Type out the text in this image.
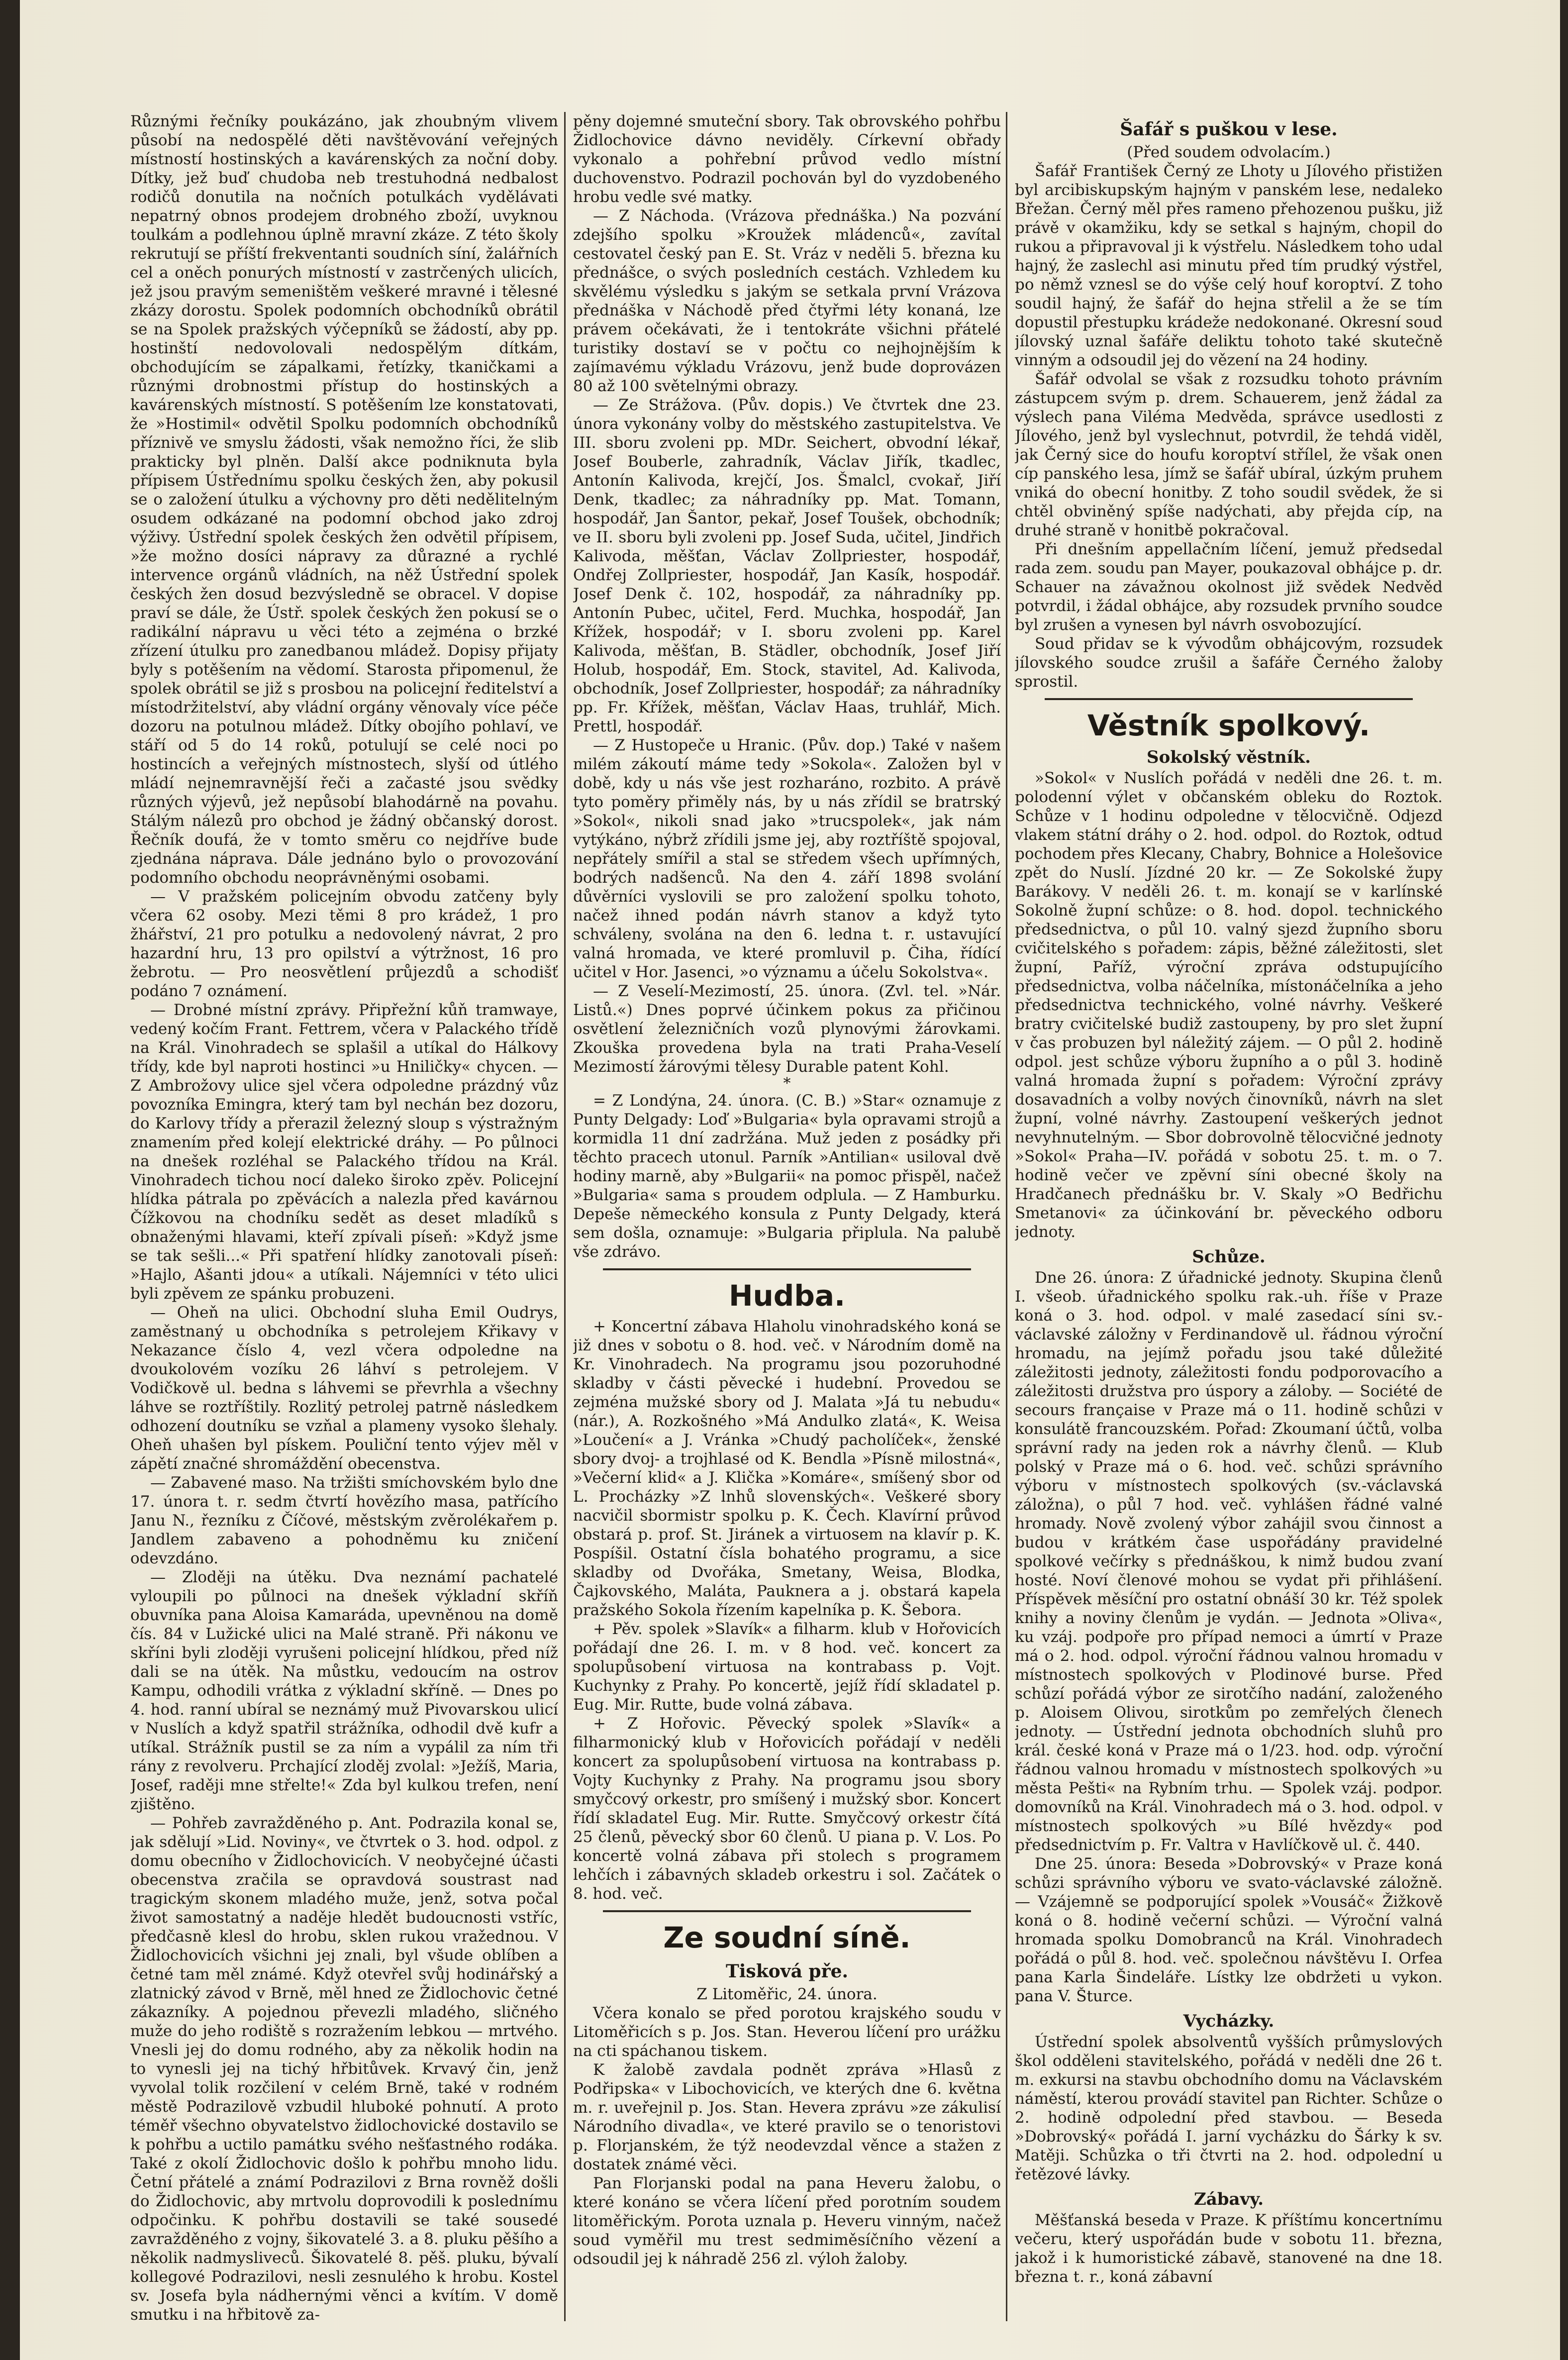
Různými řečníky poukázáno, jak zhoubným vlivem působí na nedospělé děti navštěvování veřejných místností hostinských a kavárenských za noční doby. Dítky, jež buď chudoba neb trestuhodná nedbalost rodičů donutila na nočních potulkách vydělávati nepatrný obnos prodejem drobného zboží, uvyknou toulkám a podlehnou úplně mravní zkáze. Z této školy rekrutují se příští frekventanti soudních síní, žalářních cel a oněch ponurých místností v zastrčených ulicích, jež jsou pravým semeništěm veškeré mravné i tělesné zkázy dorostu. Spolek podomních obchodníků obrátil se na Spolek pražských výčepníků se žádostí, aby pp. hostinští nedovolovali nedospělým dítkám, obchodujícím se zápalkami, řetízky, tkaničkami a různými drobnostmi přístup do hostinských a kavárenských místností. S potěšením lze konstatovati, že »Hostimil« odvětil Spolku podomních obchodníků příznivě ve smyslu žádosti, však nemožno říci, že slib prakticky byl plněn. Další akce podniknuta byla přípisem Ústřednímu spolku českých žen, aby pokusil se o založení útulku a výchovny pro děti nedělitelným osudem odkázané na podomní obchod jako zdroj výživy. Ústřední spolek českých žen odvětil přípisem, »že možno dosíci nápravy za důrazné a rychlé intervence orgánů vládních, na něž Ústřední spolek českých žen dosud bezvýsledně se obracel. V dopise praví se dále, že Ústř. spolek českých žen pokusí se o radikální nápravu u věci této a zejména o brzké zřízení útulku pro zanedbanou mládež. Dopisy přijaty byly s potěšením na vědomí. Starosta připomenul, že spolek obrátil se již s prosbou na policejní ředitelství a místodržitelství, aby vládní orgány věnovaly více péče dozoru na potulnou mládež. Dítky obojího pohlaví, ve stáří od 5 do 14 roků, potulují se celé noci po hostincích a veřejných místnostech, slyší od útlého mládí nejnemravnější řeči a začasté jsou svědky různých výjevů, jež nepůsobí blahodárně na povahu. Stálým nálezů pro obchod je žádný občanský dorost. Řečník doufá, že v tomto směru co nejdříve bude zjednána náprava. Dále jednáno bylo o provozování podomního obchodu neoprávněnými osobami.

— V pražském policejním obvodu zatčeny byly včera 62 osoby. Mezi těmi 8 pro krádež, 1 pro žhářství, 21 pro potulku a nedovolený návrat, 2 pro hazardní hru, 13 pro opilství a výtržnost, 16 pro žebrotu. — Pro neosvětlení průjezdů a schodišť podáno 7 oznámení.

— Drobné místní zprávy. Připřežní kůň tramwaye, vedený kočím Frant. Fettrem, včera v Palackého třídě na Král. Vinohradech se splašil a utíkal do Hálkovy třídy, kde byl naproti hostinci »u Hniličky« chycen. — Z Ambrožovy ulice sjel včera odpoledne prázdný vůz povozníka Emingra, který tam byl nechán bez dozoru, do Karlovy třídy a přerazil železný sloup s výstražným znamením před kolejí elektrické dráhy. — Po půlnoci na dnešek rozléhal se Palackého třídou na Král. Vinohradech tichou nocí daleko široko zpěv. Policejní hlídka pátrala po zpěvácích a nalezla před kavárnou Čížkovou na chodníku sedět as deset mladíků s obnaženými hlavami, kteří zpívali píseň: »Když jsme se tak sešli...« Při spatření hlídky zanotovali píseň: »Hajlo, Ašanti jdou« a utíkali. Nájemníci v této ulici byli zpěvem ze spánku probuzeni.

— Oheň na ulici. Obchodní sluha Emil Oudrys, zaměstnaný u obchodníka s petrolejem Křikavy v Nekazance číslo 4, vezl včera odpoledne na dvoukolovém vozíku 26 láhví s petrolejem. V Vodičkově ul. bedna s láhvemi se převrhla a všechny láhve se roztříštily. Rozlitý petrolej patrně následkem odhození doutníku se vzňal a plameny vysoko šlehaly. Oheň uhašen byl pískem. Pouliční tento výjev měl v zápětí značné shromáždění obecenstva.

— Zabavené maso. Na tržišti smíchovském bylo dne 17. února t. r. sedm čtvrtí hovězího masa, patřícího Janu N., řezníku z Číčové, městským zvěrolékařem p. Jandlem zabaveno a pohodněmu ku zničení odevzdáno.

— Zloději na útěku. Dva neznámí pachatelé vyloupili po půlnoci na dnešek výkladní skříň obuvníka pana Aloisa Kamaráda, upevněnou na domě čís. 84 v Lužické ulici na Malé straně. Při nákonu ve skříni byli zloději vyrušeni policejní hlídkou, před níž dali se na útěk. Na můstku, vedoucím na ostrov Kampu, odhodili vrátka z výkladní skříně. — Dnes po 4. hod. ranní ubíral se neznámý muž Pivovarskou ulicí v Nuslích a když spatřil strážníka, odhodil dvě kufr a utíkal. Strážník pustil se za ním a vypálil za ním tři rány z revolveru. Prchající zloděj zvolal: »Ježíš, Maria, Josef, raději mne střelte!« Zda byl kulkou trefen, není zjištěno.

— Pohřeb zavražděného p. Ant. Podrazila konal se, jak sdělují »Lid. Noviny«, ve čtvrtek o 3. hod. odpol. z domu obecního v Židlochovicích. V neobyčejné účasti obecenstva zračila se opravdová soustrast nad tragickým skonem mladého muže, jenž, sotva počal život samostatný a naděje hledět budoucnosti vstříc, předčasně klesl do hrobu, sklen rukou vražednou. V Židlochovicích všichni jej znali, byl všude oblíben a četné tam měl známé. Když otevřel svůj hodinářský a zlatnický závod v Brně, měl hned ze Židlochovic četné zákazníky. A pojednou převezli mladého, sličného muže do jeho rodiště s rozražením lebkou — mrtvého. Vnesli jej do domu rodného, aby za několik hodin na to vynesli jej na tichý hřbitůvek. Krvavý čin, jenž vyvolal tolik rozčilení v celém Brně, také v rodném městě Podrazilově vzbudil hluboké pohnutí. A proto téměř všechno obyvatelstvo židlochovické dostavilo se k pohřbu a uctilo památku svého nešťastného rodáka. Také z okolí Židlochovic došlo k pohřbu mnoho lidu. Četní přátelé a známí Podrazilovi z Brna rovněž došli do Židlochovic, aby mrtvolu doprovodili k poslednímu odpočinku. K pohřbu dostavili se také sousedé zavražděného z vojny, šikovatelé 3. a 8. pluku pěšího a několik nadmysliveců. Šikovatelé 8. pěš. pluku, bývalí kollegové Podrazilovi, nesli zesnulého k hrobu. Kostel sv. Josefa byla nádhernými věnci a kvítím. V domě smutku i na hřbitově za-

pěny dojemné smuteční sbory. Tak obrovského pohřbu Židlochovice dávno neviděly. Církevní obřady vykonalo a pohřební průvod vedlo místní duchovenstvo. Podrazil pochován byl do vyzdobeného hrobu vedle své matky.

— Z Náchoda. (Vrázova přednáška.) Na pozvání zdejšího spolku »Kroužek mládenců«, zavítal cestovatel český pan E. St. Vráz v neděli 5. března ku přednášce, o svých posledních cestách. Vzhledem ku skvělému výsledku s jakým se setkala první Vrázova přednáška v Náchodě před čtyřmi léty konaná, lze právem očekávati, že i tentokráte všichni přátelé turistiky dostaví se v počtu co nejhojnějším k zajímavému výkladu Vrázovu, jenž bude doprovázen 80 až 100 světelnými obrazy.

— Ze Strážova. (Pův. dopis.) Ve čtvrtek dne 23. února vykonány volby do městského zastupitelstva. Ve III. sboru zvoleni pp. MDr. Seichert, obvodní lékař, Josef Bouberle, zahradník, Václav Jiřík, tkadlec, Antonín Kalivoda, krejčí, Jos. Šmalcl, cvokař, Jiří Denk, tkadlec; za náhradníky pp. Mat. Tomann, hospodář, Jan Šantor, pekař, Josef Toušek, obchodník; ve II. sboru byli zvoleni pp. Josef Suda, učitel, Jindřich Kalivoda, měšťan, Václav Zollpriester, hospodář, Ondřej Zollpriester, hospodář, Jan Kasík, hospodář. Josef Denk č. 102, hospodář, za náhradníky pp. Antonín Pubec, učitel, Ferd. Muchka, hospodář, Jan Křížek, hospodář; v I. sboru zvoleni pp. Karel Kalivoda, měšťan, B. Städler, obchodník, Josef Jiří Holub, hospodář, Em. Stock, stavitel, Ad. Kalivoda, obchodník, Josef Zollpriester, hospodář; za náhradníky pp. Fr. Křížek, měšťan, Václav Haas, truhlář, Mich. Prettl, hospodář.

— Z Hustopeče u Hranic. (Pův. dop.) Také v našem milém zákoutí máme tedy »Sokola«. Založen byl v době, kdy u nás vše jest rozharáno, rozbito. A právě tyto poměry přiměly nás, by u nás zřídil se bratrský »Sokol«, nikoli snad jako »trucspolek«, jak nám vytýkáno, nýbrž zřídili jsme jej, aby roztříště spojoval, nepřátely smířil a stal se středem všech upřímných, bodrých nadšenců. Na den 4. září 1898 svolání důvěrníci vyslovili se pro založení spolku tohoto, načež ihned podán návrh stanov a když tyto schváleny, svolána na den 6. ledna t. r. ustavující valná hromada, ve které promluvil p. Čiha, řídící učitel v Hor. Jasenci, »o významu a účelu Sokolstva«.

— Z Veselí-Mezimostí, 25. února. (Zvl. tel. »Nár. Listů.«) Dnes poprvé účinkem pokus za přičinou osvětlení železničních vozů plynovými žárovkami. Zkouška provedena byla na trati Praha-Veselí Mezimostí žárovými tělesy Durable patent Kohl.

*

= Z Londýna, 24. února. (C. B.) »Star« oznamuje z Punty Delgady: Loď »Bulgaria« byla opravami strojů a kormidla 11 dní zadržána. Muž jeden z posádky při těchto pracech utonul. Parník »Antilian« usiloval dvě hodiny marně, aby »Bulgarii« na pomoc přispěl, načež »Bulgaria« sama s proudem odplula. — Z Hamburku. Depeše německého konsula z Punty Delgady, která sem došla, oznamuje: »Bulgaria připlula. Na palubě vše zdrávo.

Hudba.

+ Koncertní zábava Hlaholu vinohradského koná se již dnes v sobotu o 8. hod. več. v Národním domě na Kr. Vinohradech. Na programu jsou pozoruhodné skladby v části pěvecké i hudební. Provedou se zejména mužské sbory od J. Malata »Já tu nebudu« (nár.), A. Rozkošného »Má Andulko zlatá«, K. Weisa »Loučení« a J. Vránka »Chudý pacholíček«, ženské sbory dvoj- a trojhlasé od K. Bendla »Písně milostná«, »Večerní klid« a J. Klička »Komáre«, smíšený sbor od L. Procházky »Z lnhů slovenských«. Veškeré sbory nacvičil sbormistr spolku p. K. Čech. Klavírní průvod obstará p. prof. St. Jiránek a virtuosem na klavír p. K. Pospíšil. Ostatní čísla bohatého programu, a sice skladby od Dvořáka, Smetany, Weisa, Blodka, Čajkovského, Maláta, Pauknera a j. obstará kapela pražského Sokola řízením kapelníka p. K. Šebora.

+ Pěv. spolek »Slavík« a filharm. klub v Hořovicích pořádají dne 26. I. m. v 8 hod. več. koncert za spolupůsobení virtuosa na kontrabass p. Vojt. Kuchynky z Prahy. Po koncertě, jejíž řídí skladatel p. Eug. Mir. Rutte, bude volná zábava.

+ Z Hořovic. Pěvecký spolek »Slavík« a filharmonický klub v Hořovicích pořádají v neděli koncert za spolupůsobení virtuosa na kontrabass p. Vojty Kuchynky z Prahy. Na programu jsou sbory smyčcový orkestr, pro smíšený i mužský sbor. Koncert řídí skladatel Eug. Mir. Rutte. Smyčcový orkestr čítá 25 členů, pěvecký sbor 60 členů. U piana p. V. Los. Po koncertě volná zábava při stolech s programem lehčích i zábavných skladeb orkestru i sol. Začátek o 8. hod. več.

Ze soudní síně.
Tisková pře.

Z Litoměřic, 24. února.

Včera konalo se před porotou krajského soudu v Litoměřicích s p. Jos. Stan. Heverou líčení pro urážku na cti spáchanou tiskem.

K žalobě zavdala podnět zpráva »Hlasů z Podřipska« v Libochovicích, ve kterých dne 6. května m. r. uveřejnil p. Jos. Stan. Hevera zprávu »ze zákulisí Národního divadla«, ve které pravilo se o tenoristovi p. Florjanském, že týž neodevzdal věnce a stažen z dostatek známé věci.

Pan Florjanski podal na pana Heveru žalobu, o které konáno se včera líčení před porotním soudem litoměřickým. Porota uznala p. Heveru vinným, načež soud vyměřil mu trest sedmiměsíčního vězení a odsoudil jej k náhradě 256 zl. výloh žaloby.

Šafář s puškou v lese.

(Před soudem odvolacím.)

Šafář František Černý ze Lhoty u Jílového přistižen byl arcibiskupským hajným v panském lese, nedaleko Břežan. Černý měl přes rameno přehozenou pušku, již právě v okamžiku, kdy se setkal s hajným, chopil do rukou a připravoval ji k výstřelu. Následkem toho udal hajný, že zaslechl asi minutu před tím prudký výstřel, po němž vznesl se do výše celý houf koroptví. Z toho soudil hajný, že šafář do hejna střelil a že se tím dopustil přestupku krádeže nedokonané. Okresní soud jílovský uznal šafáře deliktu tohoto také skutečně vinným a odsoudil jej do vězení na 24 hodiny.

Šafář odvolal se však z rozsudku tohoto právním zástupcem svým p. drem. Schauerem, jenž žádal za výslech pana Viléma Medvěda, správce usedlosti z Jílového, jenž byl vyslechnut, potvrdil, že tehdá viděl, jak Černý sice do houfu koroptví střílel, že však onen cíp panského lesa, jímž se šafář ubíral, úzkým pruhem vniká do obecní honitby. Z toho soudil svědek, že si chtěl obviněný spíše nadýchati, aby přejda cíp, na druhé straně v honitbě pokračoval.

Při dnešním appellačním líčení, jemuž předsedal rada zem. soudu pan Mayer, poukazoval obhájce p. dr. Schauer na závažnou okolnost již svědek Nedvěd potvrdil, i žádal obhájce, aby rozsudek prvního soudce byl zrušen a vynesen byl návrh osvobozující.

Soud přidav se k vývodům obhájcovým, rozsudek jílovského soudce zrušil a šafáře Černého žaloby sprostil.

Věstník spolkový.
Sokolský věstník.

»Sokol« v Nuslích pořádá v neděli dne 26. t. m. polodenní výlet v občanském obleku do Roztok. Schůze v 1 hodinu odpoledne v tělocvičně. Odjezd vlakem státní dráhy o 2. hod. odpol. do Roztok, odtud pochodem přes Klecany, Chabry, Bohnice a Holešovice zpět do Nuslí. Jízdné 20 kr. — Ze Sokolské župy Barákovy. V neděli 26. t. m. konají se v karlínské Sokolně župní schůze: o 8. hod. dopol. technického předsednictva, o půl 10. valný sjezd župního sboru cvičitelského s pořadem: zápis, běžné záležitosti, slet župní, Paříž, výroční zpráva odstupujícího předsednictva, volba náčelníka, místonáčelníka a jeho předsednictva technického, volné návrhy. Veškeré bratry cvičitelské budiž zastoupeny, by pro slet župní v čas probuzen byl náležitý zájem. — O půl 2. hodině odpol. jest schůze výboru župního a o půl 3. hodině valná hromada župní s pořadem: Výroční zprávy dosavadních a volby nových činovníků, návrh na slet župní, volné návrhy. Zastoupení veškerých jednot nevyhnutelným. — Sbor dobrovolně tělocvičné jednoty »Sokol« Praha—IV. pořádá v sobotu 25. t. m. o 7. hodině večer ve zpěvní síni obecné školy na Hradčanech přednášku br. V. Skaly »O Bedřichu Smetanovi« za účinkování br. pěveckého odboru jednoty.

Schůze.

Dne 26. února: Z úřadnické jednoty. Skupina členů I. všeob. úřadnického spolku rak.-uh. říše v Praze koná o 3. hod. odpol. v malé zasedací síni sv.-václavské záložny v Ferdinandově ul. řádnou výroční hromadu, na jejímž pořadu jsou také důležité záležitosti jednoty, záležitosti fondu podporovacího a záležitosti družstva pro úspory a záloby. — Société de secours française v Praze má o 11. hodině schůzi v konsulátě francouzském. Pořad: Zkoumaní účtů, volba správní rady na jeden rok a návrhy členů. — Klub polský v Praze má o 6. hod. več. schůzi správního výboru v místnostech spolkových (sv.-václavská záložna), o půl 7 hod. več. vyhlášen řádné valné hromady. Nově zvolený výbor zahájil svou činnost a budou v krátkém čase uspořádány pravidelné spolkové večírky s přednáškou, k nimž budou zvaní hosté. Noví členové mohou se vydat při přihlášení. Příspěvek měsíční pro ostatní obnáší 30 kr. Též spolek knihy a noviny členům je vydán. — Jednota »Oliva«, ku vzáj. podpoře pro případ nemoci a úmrtí v Praze má o 2. hod. odpol. výroční řádnou valnou hromadu v místnostech spolkových v Plodinové burse. Před schůzí pořádá výbor ze sirotčího nadání, založeného p. Aloisem Olivou, sirotkům po zemřelých členech jednoty. — Ústřední jednota obchodních sluhů pro král. české koná v Praze má o 1/23. hod. odp. výroční řádnou valnou hromadu v místnostech spolkových »u města Pešti« na Rybním trhu. — Spolek vzáj. podpor. domovníků na Král. Vinohradech má o 3. hod. odpol. v místnostech spolkových »u Bílé hvězdy« pod předsednictvím p. Fr. Valtra v Havlíčkově ul. č. 440.

Dne 25. února: Beseda »Dobrovský« v Praze koná schůzi správního výboru ve svato-václavské záložně. — Vzájemně se podporující spolek »Vousáč« Žižkově koná o 8. hodině večerní schůzi. — Výroční valná hromada spolku Domobranců na Král. Vinohradech pořádá o půl 8. hod. več. společnou návštěvu I. Orfea pana Karla Šindeláře. Lístky lze obdržeti u vykon. pana V. Šturce.

Vycházky.

Ústřední spolek absolventů vyšších průmyslových škol odděleni stavitelského, pořádá v neděli dne 26 t. m. exkursi na stavbu obchodního domu na Václavském náměstí, kterou provádí stavitel pan Richter. Schůze o 2. hodině odpolední před stavbou. — Beseda »Dobrovský« pořádá I. jarní vycházku do Šárky k sv. Matěji. Schůzka o tři čtvrti na 2. hod. odpolední u řetězové lávky.

Zábavy.

Měšťanská beseda v Praze. K příštímu koncertnímu večeru, který uspořádán bude v sobotu 11. března, jakož i k humoristické zábavě, stanovené na dne 18. března t. r., koná zábavní
